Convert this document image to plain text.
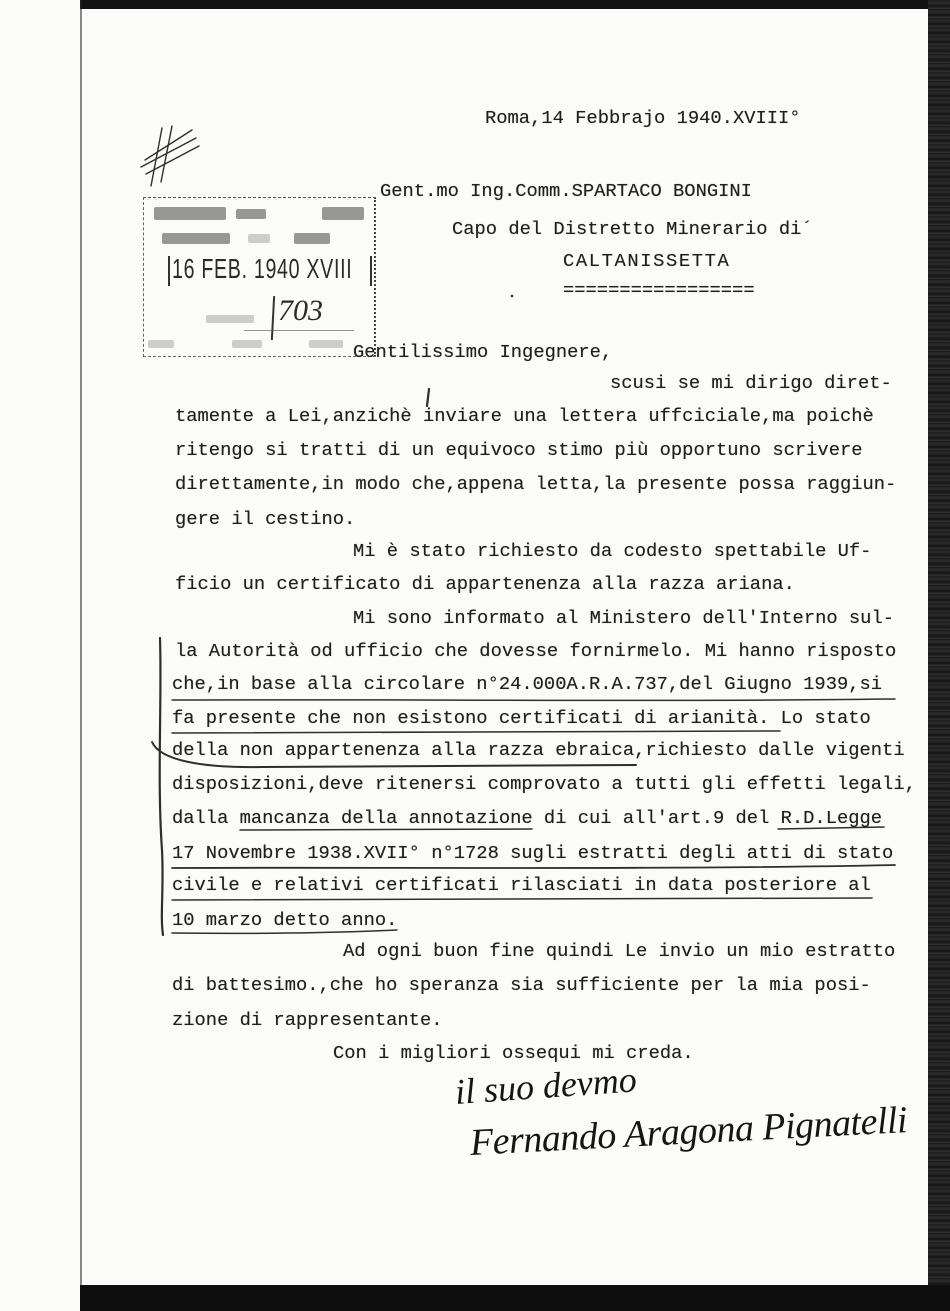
Roma,14 Febbrajo 1940.XVIII°
Gent.mo Ing.Comm.SPARTACO BONGINI
Capo del Distretto Minerario di´
CALTANISSETTA
=================
16 FEB. 1940 XVIII
703
Gentilissimo Ingegnere,
scusi se mi dirigo diret-
tamente a Lei,anzichè inviare una lettera uffciciale,ma poichè
ritengo si tratti di un equivoco stimo più opportuno scrivere
direttamente,in modo che,appena letta,la presente possa raggiun-
gere il cestino.
Mi è stato richiesto da codesto spettabile Uf-
ficio un certificato di appartenenza alla razza ariana.
Mi sono informato al Ministero dell'Interno sul-
la Autorità od ufficio che dovesse fornirmelo. Mi hanno risposto
che,in base alla circolare n°24.000A.R.A.737,del Giugno 1939,si
fa presente che non esistono certificati di arianità. Lo stato
della non appartenenza alla razza ebraica,richiesto dalle vigenti
disposizioni,deve ritenersi comprovato a tutti gli effetti legali,
dalla mancanza della annotazione di cui all'art.9 del R.D.Legge
17 Novembre 1938.XVII° n°1728 sugli estratti degli atti di stato
civile e relativi certificati rilasciati in data posteriore al
10 marzo detto anno.
Ad ogni buon fine quindi Le invio un mio estratto
di battesimo.,che ho speranza sia sufficiente per la mia posi-
zione di rappresentante.
Con i migliori ossequi mi creda.
il suo devmo
Fernando Aragona Pignatelli
